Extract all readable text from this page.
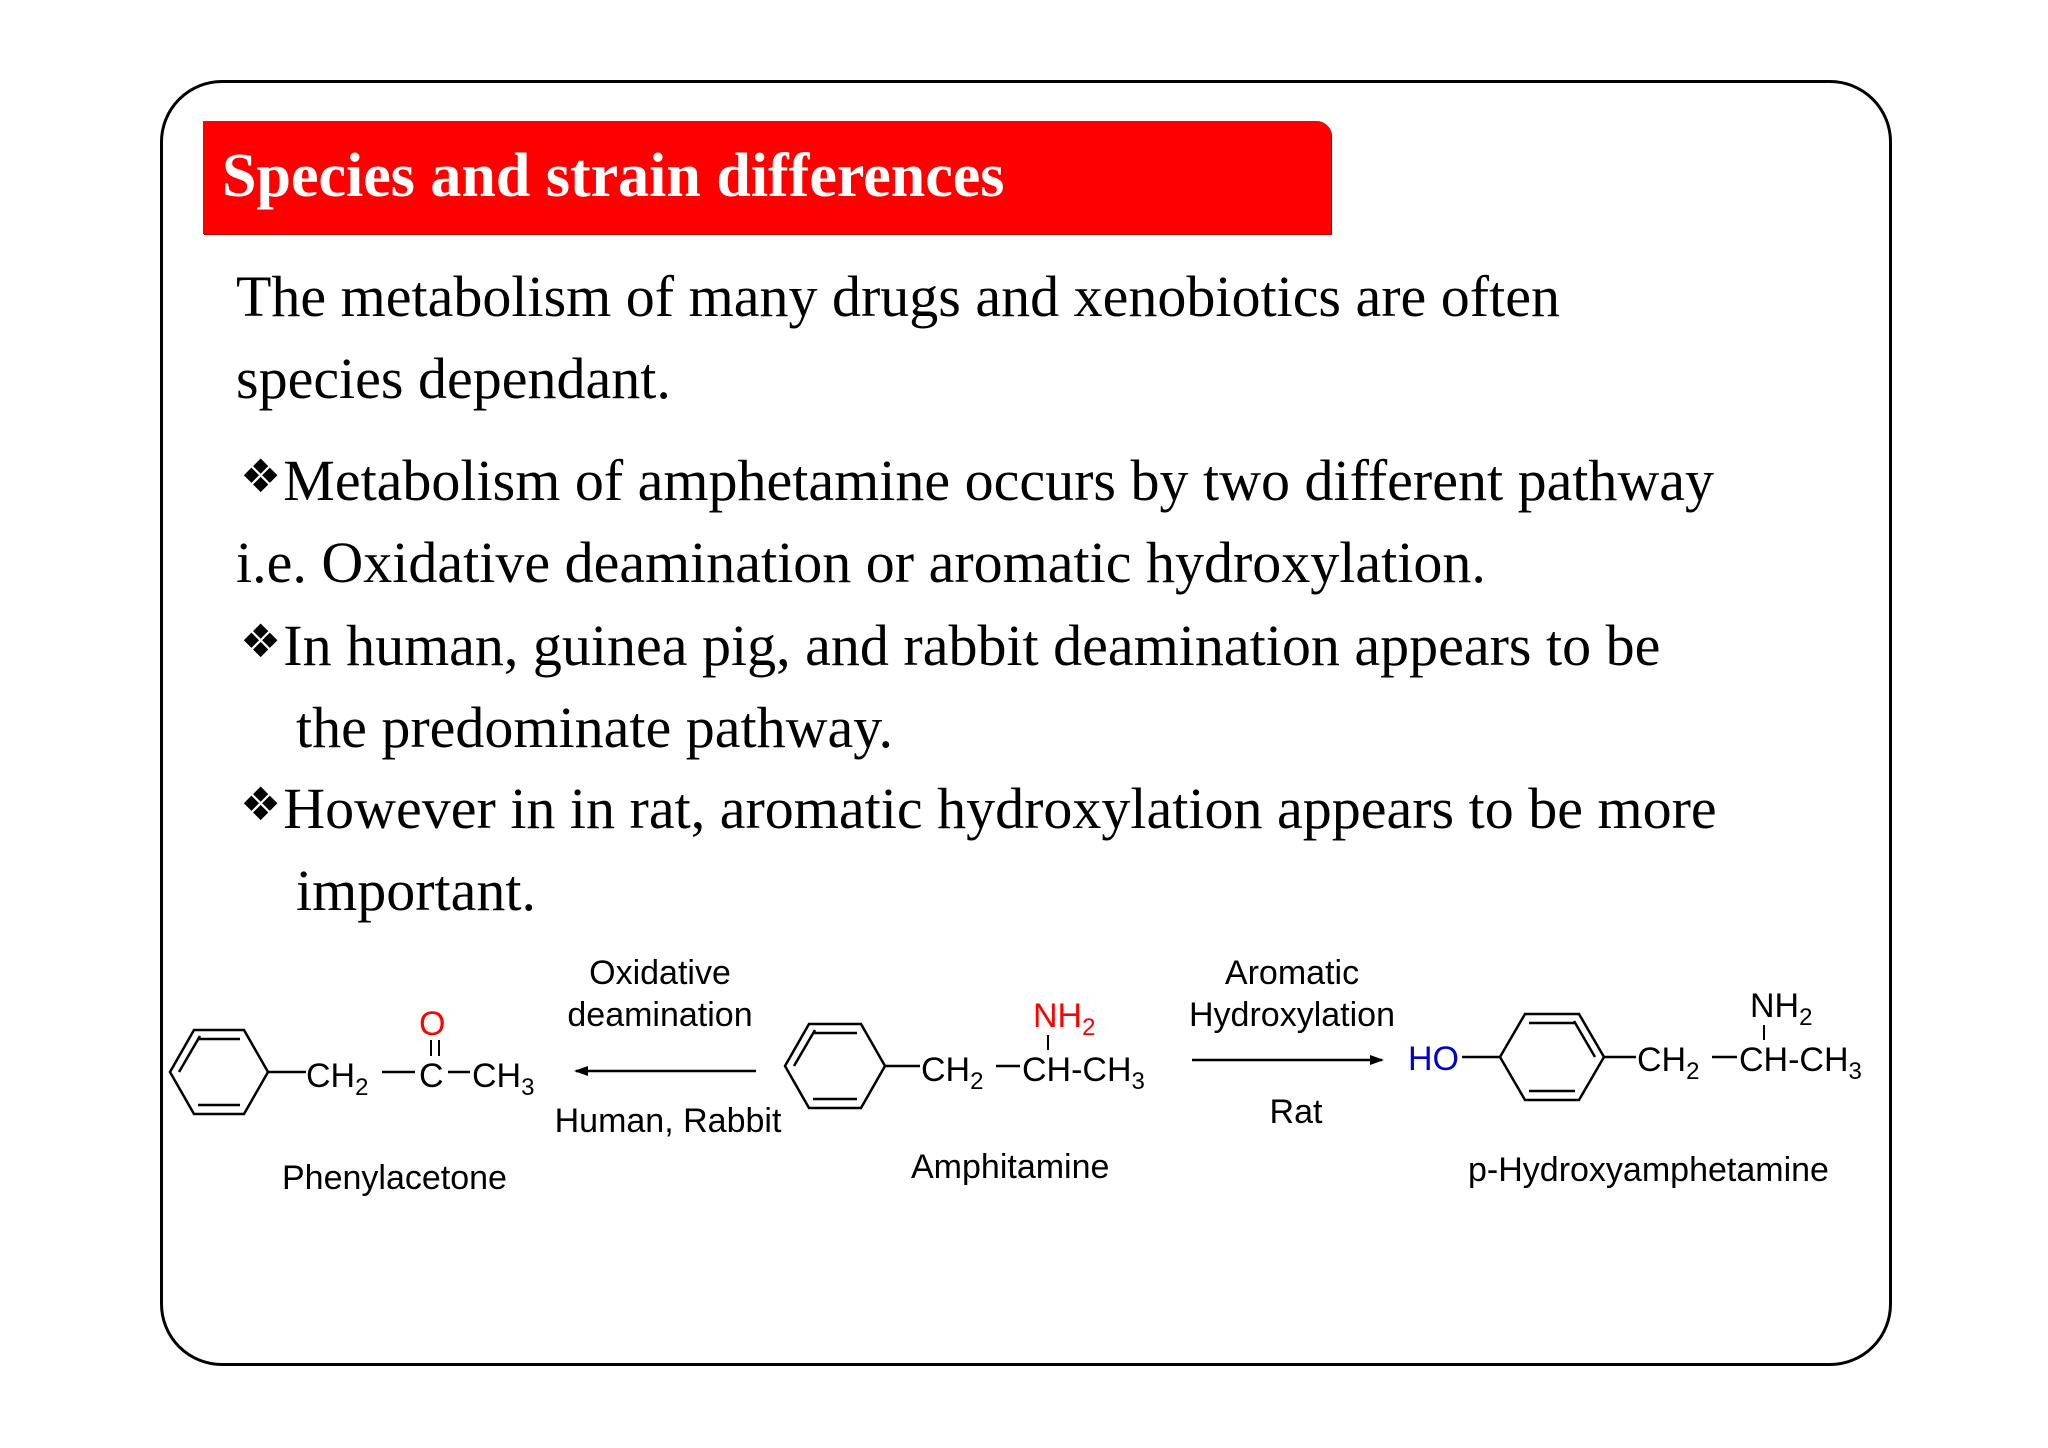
Species and strain differences
The metabolism of many drugs and xenobiotics are often
species dependant.
❖Metabolism of amphetamine occurs by two different pathway
i.e. Oxidative deamination or aromatic hydroxylation.
❖In human, guinea pig, and rabbit deamination appears to be
the predominate pathway.
❖However in in rat, aromatic hydroxylation appears to be more
important.
$CH_2$ C
O
$CH_3$
Phenylacetone
Oxidative
deamination
Human, Rabbit
$CH_2$ $CH-CH_3$
$NH_2$
Amphitamine
Aromatic
Hydroxylation
Rat
HO	$CH_2$ $CH-CH_3$
$NH_2$
p-Hydroxyamphetamine
